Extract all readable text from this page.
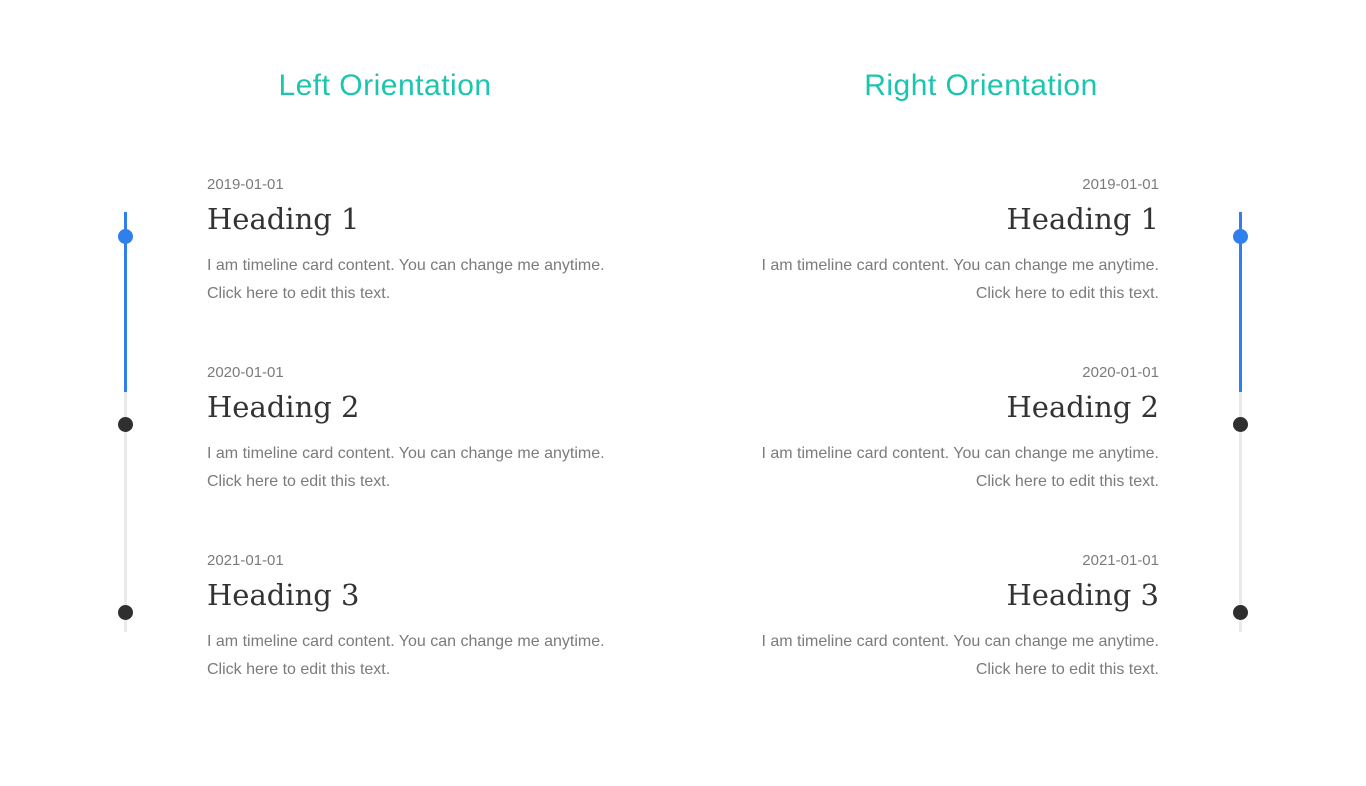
Left Orientation
2019-01-01
Heading 1

I am timeline card content. You can change me anytime.
Click here to edit this text.

2020-01-01
Heading 2

I am timeline card content. You can change me anytime.
Click here to edit this text.

2021-01-01
Heading 3

I am timeline card content. You can change me anytime.
Click here to edit this text.

Right Orientation
2019-01-01
Heading 1

I am timeline card content. You can change me anytime.
Click here to edit this text.

2020-01-01
Heading 2

I am timeline card content. You can change me anytime.
Click here to edit this text.

2021-01-01
Heading 3

I am timeline card content. You can change me anytime.
Click here to edit this text.
